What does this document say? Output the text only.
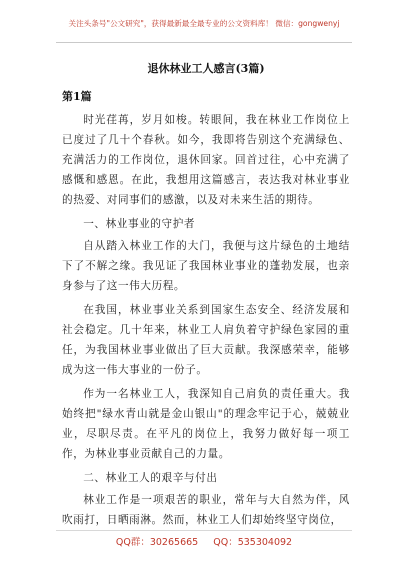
关注头条号"公文研究"，获得最新最全最专业的公文资料库！ 微信：gongwenyj
退休林业工人感言(3篇)
第1篇

时光荏苒，岁月如梭。转眼间，我在林业工作岗位上已度过了几十个春秋。如今，我即将告别这个充满绿色、充满活力的工作岗位，退休回家。回首过往，心中充满了感慨和感恩。在此，我想用这篇感言，表达我对林业事业的热爱、对同事们的感激，以及对未来生活的期待。

一、林业事业的守护者

自从踏入林业工作的大门，我便与这片绿色的土地结下了不解之缘。我见证了我国林业事业的蓬勃发展，也亲身参与了这一伟大历程。

在我国，林业事业关系到国家生态安全、经济发展和社会稳定。几十年来，林业工人肩负着守护绿色家园的重任，为我国林业事业做出了巨大贡献。我深感荣幸，能够成为这一伟大事业的一份子。

作为一名林业工人，我深知自己肩负的责任重大。我始终把"绿水青山就是金山银山"的理念牢记于心，兢兢业业，尽职尽责。在平凡的岗位上，我努力做好每一项工作，为林业事业贡献自己的力量。

二、林业工人的艰辛与付出

林业工作是一项艰苦的职业，常年与大自然为伴，风吹雨打，日晒雨淋。然而，林业工人们却始终坚守岗位，

QQ群：30265665 QQ：535304092
